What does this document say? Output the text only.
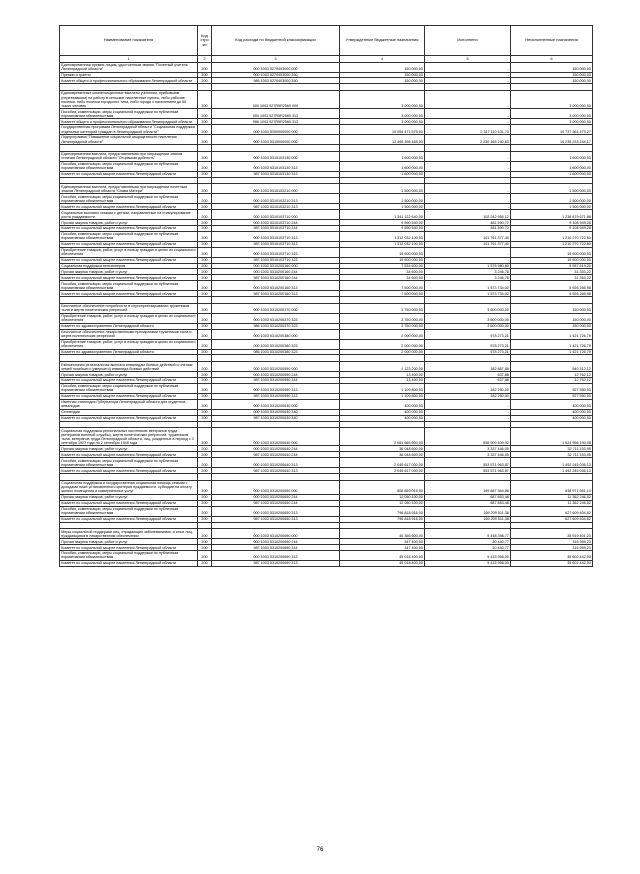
Наименование показателя	Код стро ки	Код расхода по бюджетной классификации	Утвержденные бюджетные назначения	Исполнено	Неисполненные назначения
1	2	3	4	5	6
Единовременная премия лицам, удостоенным звания "Почетный учитель Ленинградской области"	200	000 1003 5270403000 000	150 000,00	-	150 000,00
Премии и гранты	200	000 1003 5270403000 350	150 000,00	-	150 000,00
Комитет общего и профессионального образования Ленинградской области	200	986 1003 5270403000 350	150 000,00	-	150 000,00

Единовременные компенсационные выплаты учителям, прибывшим (переехавшим) на работу в сельские населенные пункты, либо рабочие поселки, либо поселки городского типа, либо города с населением до 50 тысяч человек	200	000 1003 527R5R2560 000	3 000 000,00	-	3 000 000,00
Пособия, компенсации, меры социальной поддержки по публичным нормативным обязательствам	200	000 1003 527R5R2560 313	3 000 000,00	-	3 000 000,00
Комитет общего и профессионального образования Ленинградской области	200	986 1003 527R5R2560 313	3 000 000,00	-	3 000 000,00
Государственная программа Ленинградской области "Социальная поддержка отдельных категорий граждан в Ленинградской области"	200	000 1003 5300000000 000	10 054 471 575,00	2 317 110 101,73	10 737 361 473,27
Подпрограмма "Повышение социальной защищенности населения Ленинградской области"	200	000 1003 5310000000 000	12 465 396 465,00	2 230 165 240,83	10 235 233 244,17

Единовременная выплата, предоставляемая при награждении знаком отличия Ленинградской области "Отцовская доблесть"	200	000 1003 5310103130 000	1 600 000,00	-	1 600 000,00
Пособия, компенсации, меры социальной поддержки по публичным нормативным обязательствам	200	000 1003 5310103130 313	1 600 000,00	-	1 600 000,00
Комитет по социальной защите населения Ленинградской области	200	987 1003 5310103130 313	1 600 000,00	-	1 600 000,00

Единовременная выплата, предоставляемая при награждении почетным знаком Ленинградской области "Слава Матери"	200	000 1003 5310103210 000	1 500 000,00	-	1 500 000,00
Пособия, компенсации, меры социальной поддержки по публичным нормативным обязательствам	200	000 1003 5310103210 313	1 500 000,00	-	1 500 000,00
Комитет по социальной защите населения Ленинградской области	200	987 1003 5310103210 313	1 500 000,00	-	1 500 000,00
Социальные выплаты семьям с детьми, направленные на стимулирование роста рождаемости	200	000 1003 5310103710 000	1 341 122 640,00	102 242 955,12	1 238 879 671,88
Прочая закупка товаров, работ и услуг	200	000 1003 5310103710 244	9 590 540,00	481 590,72	9 108 949,28
Комитет по социальной защите населения Ленинградской области	200	987 1003 5310103710 244	9 590 540,00	481 590,72	9 108 949,28
Пособия, компенсации, меры социальной поддержки по публичным нормативным обязательствам	200	000 1003 5310103710 313	1 312 032 100,00	101 761 377,40	1 210 270 722,60
Комитет по социальной защите населения Ленинградской области	200	987 1003 5310103710 313	1 312 032 100,00	101 761 377,40	1 210 270 722,60
Приобретение товаров, работ, услуг в пользу граждан в целях их социального обеспечения	200	000 1003 5310103710 323	19 500 000,00	-	19 500 000,00
Комитет по социальной защите населения Ленинградской области	200	987 1003 5310103710 323	19 500 000,00	-	19 500 000,00
Социальная поддержка пенсионеров	200	000 1003 5310200160 000	7 534 600,00	1 576 980,80	5 957 619,20
Прочая закупка товаров, работ и услуг	200	000 1003 5310200160 244	34 600,00	3 246,78	31 353,22
Комитет по социальной защите населения Ленинградской области	200	987 1003 5310200160 244	34 600,00	3 246,78	31 353,22
Пособия, компенсации, меры социальной поддержки по публичным нормативным обязательствам	200	000 1003 5310200160 313	7 500 000,00	1 573 734,02	5 926 265,98
Комитет по социальной защите населения Ленинградской области	200	987 1003 5310200160 313	7 500 000,00	1 573 734,02	5 926 265,98

Бесплатное обеспечение потребности в слухопротезировании тружеников тыла и жертв политических репрессий	200	000 1003 5310200370 000	3 750 000,00	3 600 000,00	150 000,00
Приобретение товаров, работ, услуг в пользу граждан в целях их социального обеспечения	200	000 1003 5310200370 323	3 750 000,00	3 600 000,00	150 000,00
Комитет по здравоохранению Ленинградской области	200	986 1003 5310200370 323	3 750 000,00	3 600 000,00	150 000,00
Бесплатное обеспечение лекарственными препаратами тружеников тыла и жертв политических репрессий	200	000 1003 5310200380 000	2 000 000,00	578 273,21	1 421 726,79
Приобретение товаров, работ, услуг в пользу граждан в целях их социального обеспечения	200	000 1003 5310200380 323	2 000 000,00	578 273,21	1 421 726,79
Комитет по здравоохранению Ленинградской области	200	986 1003 5310200380 323	2 000 000,00	578 273,21	1 421 726,79

Ежемесячная региональная выплата инвалидам боевых действий и членам семей погибшего (умершего) инвалида боевых действий	200	000 1003 5310200590 000	1 123 200,00	182 887,88	940 312,12
Прочая закупка товаров, работ и услуг	200	000 1003 5310200590 244	13 400,00	637,88	12 762,12
Комитет по социальной защите населения Ленинградской области	200	987 1003 5310200590 244	13 400,00	637,88	12 762,12
Пособия, компенсации, меры социальной поддержки по публичным нормативным обязательствам	200	000 1003 5310200590 313	1 109 800,00	182 250,00	927 550,00
Комитет по социальной защите населения Ленинградской области	200	987 1003 5310200590 313	1 109 800,00	182 250,00	927 550,00
Именная стипендия Губернатора Ленинградской области для студентов-инвалидов	200	000 1003 5310200630 000	400 000,00	-	400 000,00
Стипендии	200	000 1003 5310200630 340	400 000,00	-	400 000,00
Комитет по социальной защите населения Ленинградской области	200	987 1003 5310200630 340	400 000,00	-	400 000,00

Социальная поддержка региональных льготников: ветеранов труда (ветеранов военной службы), жертв политических репрессий, тружеников тыла, ветеранов труда Ленинградской области, лиц, рожденных в период с 3 сентября 1927 года по 2 сентября 1945 года	200	000 1003 5310200640 000	2 081 665 600,00	556 909 409,92	1 524 956 190,08
Прочая закупка товаров, работ и услуг	200	000 1003 5310200640 244	36 048 600,00	3 337 446,05	32 711 153,95
Комитет по социальной защите населения Ленинградской области	200	987 1003 5310200640 244	36 048 600,00	3 337 446,05	32 711 153,95
Пособия, компенсации, меры социальной поддержки по публичным нормативным обязательствам	200	000 1003 5310200640 313	2 045 617 000,00	553 571 963,87	1 492 245 036,13
Комитет по социальной защите населения Ленинградской области	200	987 1003 5310200640 313	2 045 617 000,00	553 571 963,87	1 492 245 036,13

Социальная поддержка и государственная социальная помощь семьям с доходами ниже установленного критерия нуждаемости, субсидии на оплату жилого помещения и коммунальных услуг	200	000 1003 5310200650 000	808 859 016,00	169 887 364,88	638 971 651,14
Прочая закупка товаров, работ и услуг	200	000 1003 5310200650 244	12 050 100,00	687 853,48	11 362 246,52
Комитет по социальной защите населения Ленинградской области	200	987 1003 5310200650 244	12 050 100,00	687 853,48	11 362 246,52
Пособия, компенсации, меры социальной поддержки по публичным нормативным обязательствам	200	000 1003 5310200650 313	796 818 916,00	169 209 511,38	627 609 404,62
Комитет по социальной защите населения Ленинградской области	200	987 1003 5310200650 313	796 818 916,00	169 209 511,38	627 609 404,62

Меры социальной поддержки лиц, страдающих заболеваниями, и иных лиц, нуждающихся в лекарственном обеспечении	200	000 1003 5310200690 000	45 365 600,00	9 448 398,77	35 919 401,23
Прочая закупка товаров, работ и услуг	200	000 1003 5310200690 244	347 400,00	30 440,77	316 959,23
Комитет по социальной защите населения Ленинградской области	200	987 1003 5310200690 244	347 400,00	30 440,77	316 959,23
Пособия, компенсации, меры социальной поддержки по публичным нормативным обязательствам	200	000 1003 5310200690 313	45 018 400,00	9 415 958,00	35 602 442,00
Комитет по социальной защите населения Ленинградской области	200	987 1003 5310200690 313	45 018 400,00	9 415 958,00	35 602 442,00
76
